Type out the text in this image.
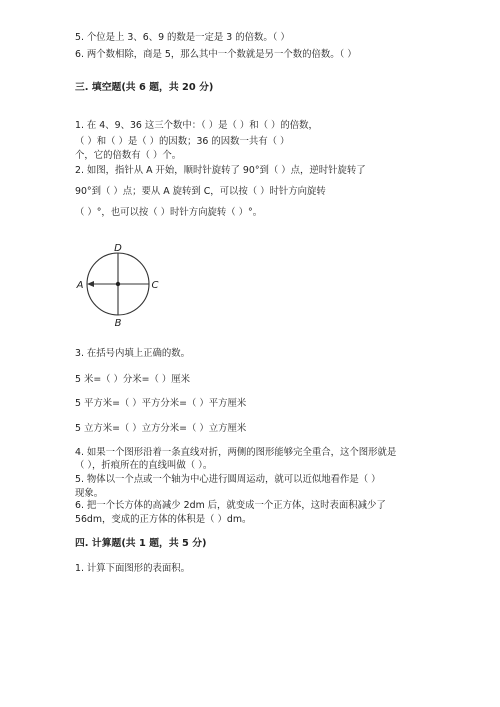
5. 个位是上 3、6、9 的数是一定是 3 的倍数。（ ）
6. 两个数相除，商是 5，那么其中一个数就是另一个数的倍数。（ ）
三. 填空题(共 6 题，共 20 分)
1. 在 4、9、36 这三个数中：（ ）是（ ）和（ ）的倍数，
（ ）和（ ）是（ ）的因数；36 的因数一共有（ ）
个，它的倍数有（ ）个。
2. 如图，指针从 A 开始，顺时针旋转了 90°到（ ）点，逆时针旋转了
90°到（ ）点；要从 A 旋转到 C，可以按（ ）时针方向旋转
（ ）°，也可以按（ ）时针方向旋转（ ）°。
D
A
B
C
3. 在括号内填上正确的数。
5 米=（ ）分米=（ ）厘米
5 平方米=（ ）平方分米=（ ）平方厘米
5 立方米=（ ）立方分米=（ ）立方厘米
4. 如果一个图形沿着一条直线对折，两侧的图形能够完全重合，这个图形就是
（ ），折痕所在的直线叫做（ ）。
5. 物体以一个点或一个轴为中心进行圆周运动，就可以近似地看作是（ ）
现象。
6. 把一个长方体的高减少 2dm 后，就变成一个正方体，这时表面积减少了
56dm，变成的正方体的体积是（ ）dm。
四. 计算题(共 1 题，共 5 分)
1. 计算下面图形的表面积。
